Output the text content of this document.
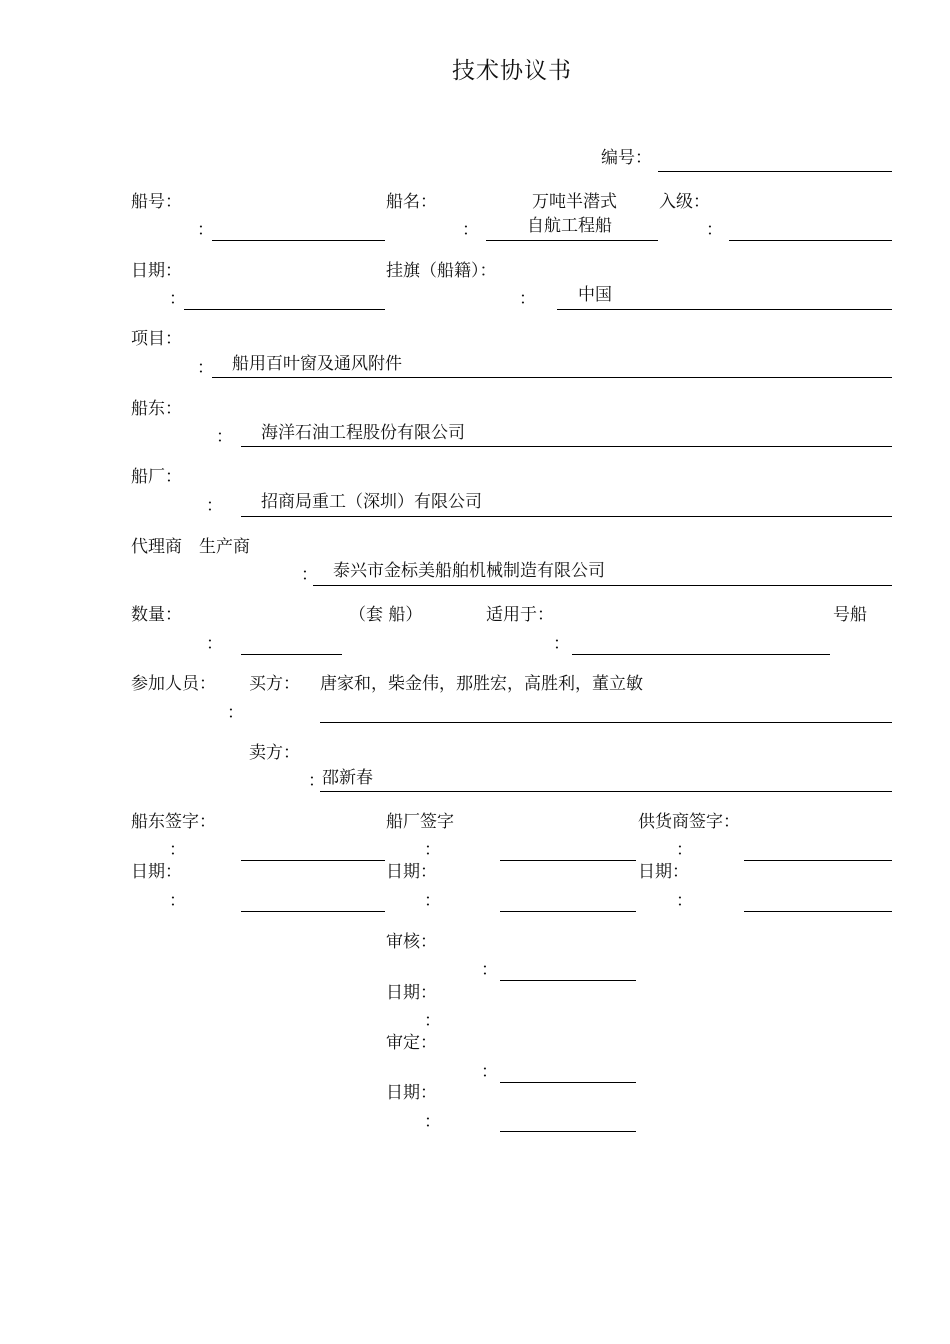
技术协议书
编号：
船号：
：
船名：
：
万吨半潜式
自航工程船
入级：
：
日期：
：
挂旗（船籍）：
： 中国
项目：
： 船用百叶窗及通风附件
船东：
： 海洋石油工程股份有限公司
船厂：
： 招商局重工（深圳）有限公司
代理商 生产商
： 泰兴市金标美船舶机械制造有限公司
数量：
：
（套 船）	适用于：
：
号船
参加人员：
：
买方： 唐家和，柴金伟，那胜宏，高胜利，董立敏
卖方：
：
邵新春
船东签字：
：
船厂签字
：
供货商签字：
：
日期：
：
日期：
：
日期：
：
审核：
：
日期：
：
审定：
：
日期：
：
